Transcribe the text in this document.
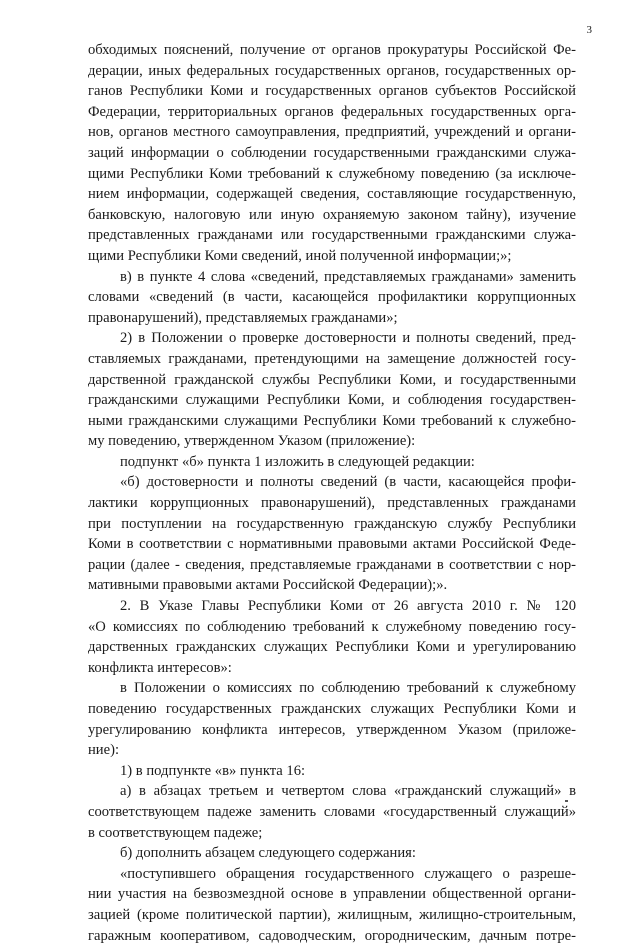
3
обходимых пояснений, получение от органов прокуратуры Российской Фе-
дерации, иных федеральных государственных органов, государственных ор-
ганов Республики Коми и государственных органов субъектов Российской
Федерации, территориальных органов федеральных государственных орга-
нов, органов местного самоуправления, предприятий, учреждений и органи-
заций информации о соблюдении государственными гражданскими служа-
щими Республики Коми требований к служебному поведению (за исключе-
нием информации, содержащей сведения, составляющие государственную,
банковскую, налоговую или иную охраняемую законом тайну), изучение
представленных гражданами или государственными гражданскими служа-
щими Республики Коми сведений, иной полученной информации;»;
в) в пункте 4 слова «сведений, представляемых гражданами» заменить
словами «сведений (в части, касающейся профилактики коррупционных
правонарушений), представляемых гражданами»;
2) в Положении о проверке достоверности и полноты сведений, пред-
ставляемых гражданами, претендующими на замещение должностей госу-
дарственной гражданской службы Республики Коми, и государственными
гражданскими служащими Республики Коми, и соблюдения государствен-
ными гражданскими служащими Республики Коми требований к служебно-
му поведению, утвержденном Указом (приложение):
подпункт «б» пункта 1 изложить в следующей редакции:
«б) достоверности и полноты сведений (в части, касающейся профи-
лактики коррупционных правонарушений), представленных гражданами
при поступлении на государственную гражданскую службу Республики
Коми в соответствии с нормативными правовыми актами Российской Феде-
рации (далее - сведения, представляемые гражданами в соответствии с нор-
мативными правовыми актами Российской Федерации);».
2. В Указе Главы Республики Коми от 26 августа 2010 г. № 120
«О комиссиях по соблюдению требований к служебному поведению госу-
дарственных гражданских служащих Республики Коми и урегулированию
конфликта интересов»:
в Положении о комиссиях по соблюдению требований к служебному
поведению государственных гражданских служащих Республики Коми и
урегулированию конфликта интересов, утвержденном Указом (приложе-
ние):
1) в подпункте «в» пункта 16:
а) в абзацах третьем и четвертом слова «гражданский служащий» в
соответствующем падеже заменить словами «государственный служащий»
в соответствующем падеже;
б) дополнить абзацем следующего содержания:
«поступившего обращения государственного служащего о разреше-
нии участия на безвозмездной основе в управлении общественной органи-
зацией (кроме политической партии), жилищным, жилищно-строительным,
гаражным кооперативом, садоводческим, огородническим, дачным потре-
